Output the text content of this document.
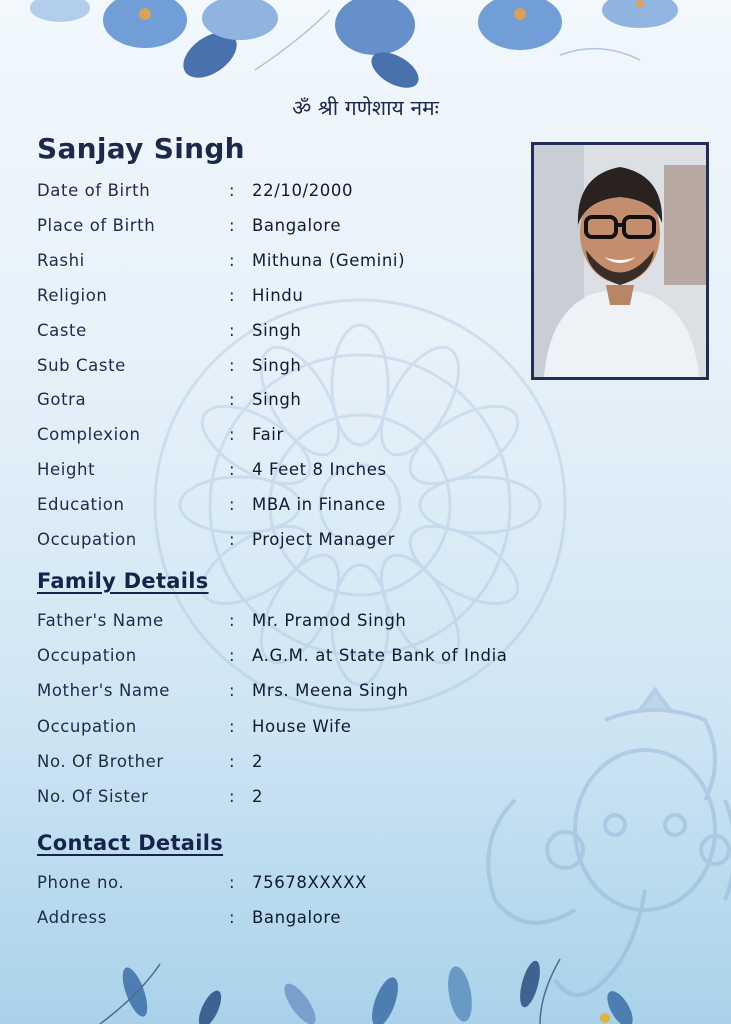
ॐ श्री गणेशाय नमः
Sanjay Singh
Date of Birth	: 22/10/2000
Place of Birth	: Bangalore
Rashi	: Mithuna (Gemini)
Religion	: Hindu
Caste	: Singh
Sub Caste	: Singh
Gotra	: Singh
Complexion	: Fair
Height	: 4 Feet 8 Inches
Education	: MBA in Finance
Occupation	: Project Manager
Family Details
Father's Name	: Mr. Pramod Singh
Occupation	: A.G.M. at State Bank of India
Mother's Name	: Mrs. Meena Singh
Occupation	: House Wife
No. Of Brother	: 2
No. Of Sister	: 2
Contact Details
Phone no.	: 75678XXXXX
Address	: Bangalore
